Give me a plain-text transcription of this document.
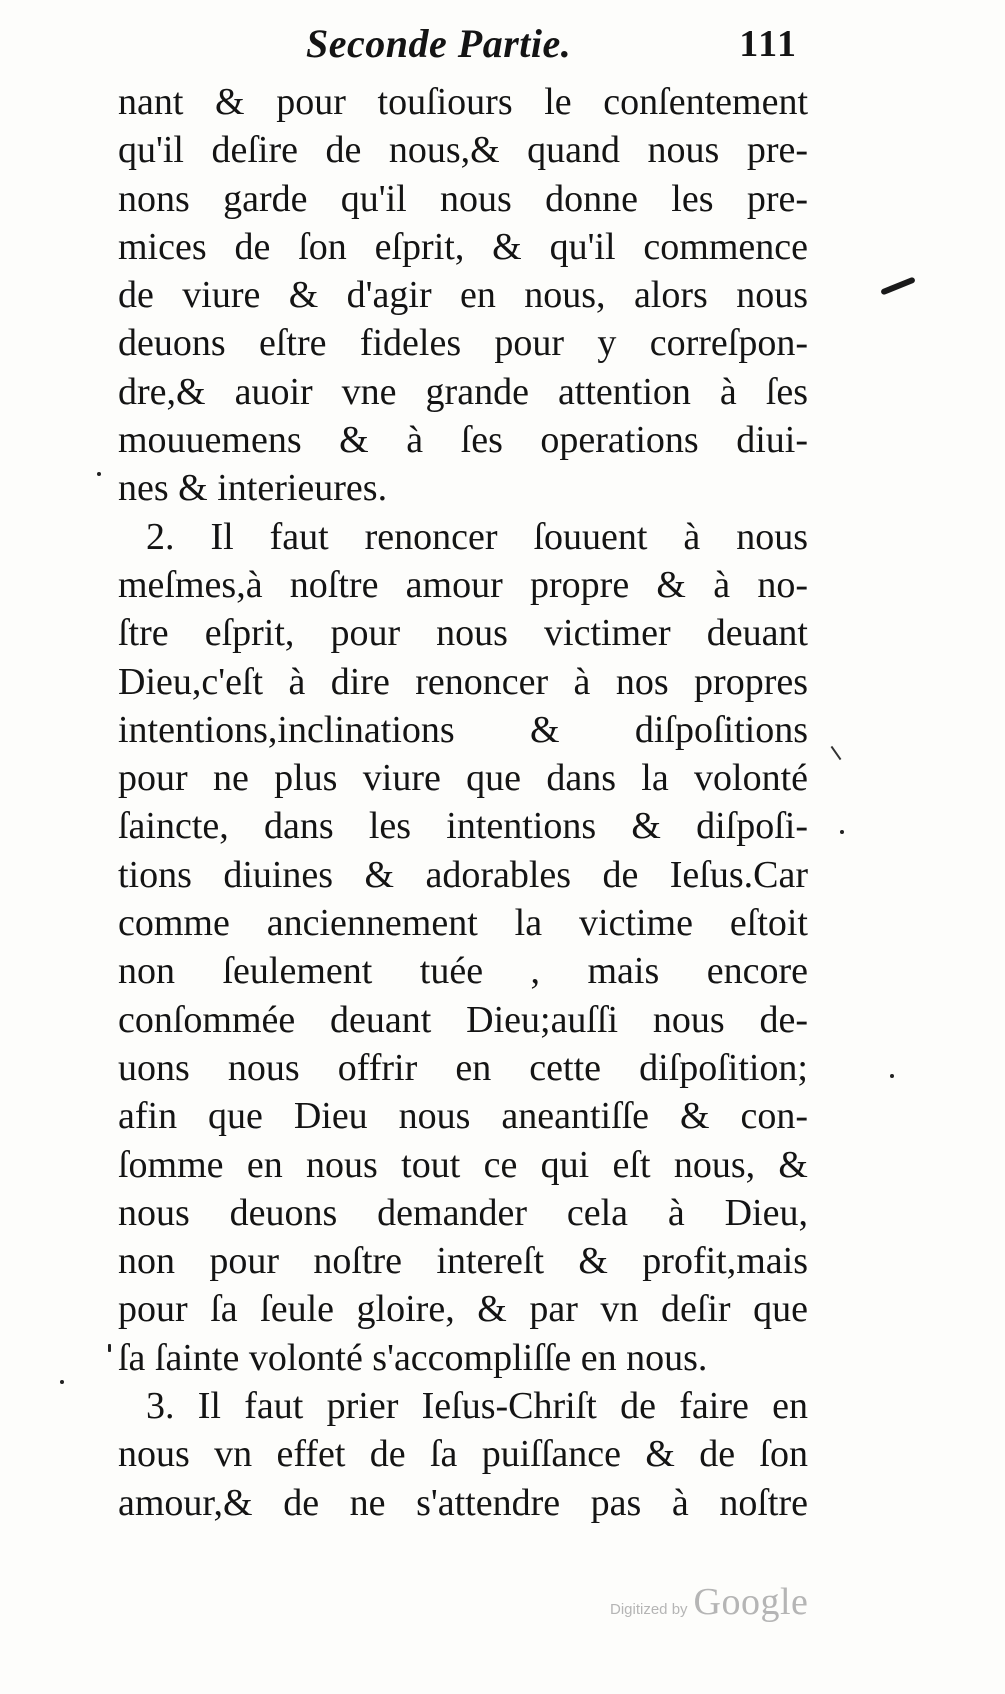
Seconde Partie.	111
nant & pour touſiours le conſentement
qu'il deſire de nous,& quand nous pre-
nons garde qu'il nous donne les pre-
mices de ſon eſprit, & qu'il commence
de viure & d'agir en nous, alors nous
deuons eſtre fideles pour y correſpon-
dre,& auoir vne grande attention à ſes
mouuemens & à ſes operations diui-
nes & interieures.
2. Il faut renoncer ſouuent à nous
meſmes,à noſtre amour propre & à no-
ſtre eſprit, pour nous victimer deuant
Dieu,c'eſt à dire renoncer à nos propres
intentions,inclinations & diſpoſitions
pour ne plus viure que dans la volonté
ſaincte, dans les intentions & diſpoſi-
tions diuines & adorables de Ieſus.Car
comme anciennement la victime eſtoit
non ſeulement tuée , mais encore
conſommée deuant Dieu;auſſi nous de-
uons nous offrir en cette diſpoſition;
afin que Dieu nous aneantiſſe & con-
ſomme en nous tout ce qui eſt nous, &
nous deuons demander cela à Dieu,
non pour noſtre intereſt & profit,mais
pour ſa ſeule gloire, & par vn deſir que
ſa ſainte volonté s'accompliſſe en nous.
3. Il faut prier Ieſus-Chriſt de faire en
nous vn effet de ſa puiſſance & de ſon
amour,& de ne s'attendre pas à noſtre
Digitized by Google
